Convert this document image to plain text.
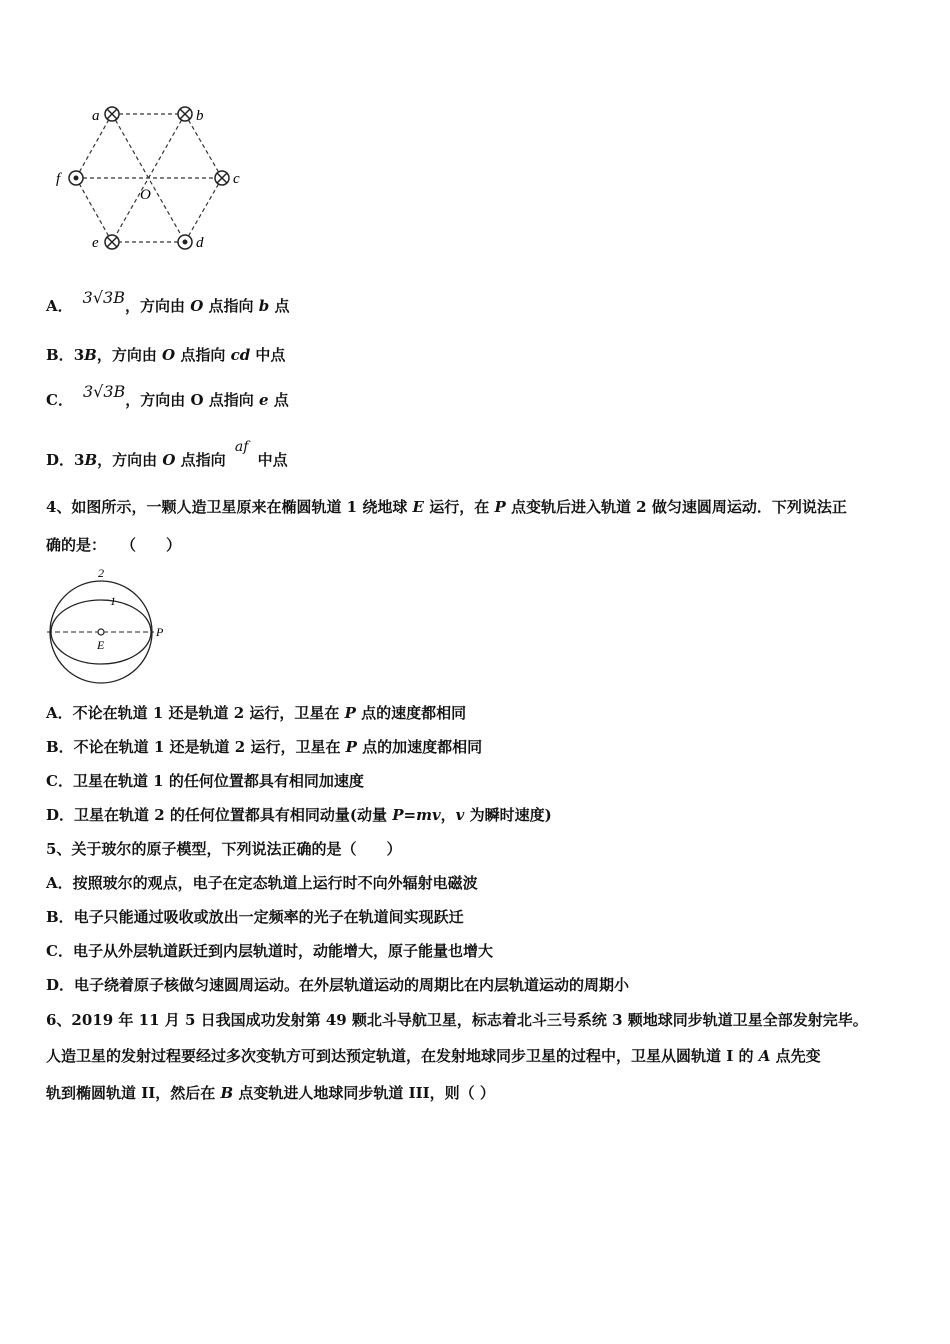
a	b
c
d
e
f
O
A． 3√3B，方向由 O 点指向 b 点
B．3B，方向由 O 点指向 cd 中点
C． 3√3B，方向由 O 点指向 e 点
D．3B，方向由 O 点指向 af 中点
4、如图所示，一颗人造卫星原来在椭圆轨道 1 绕地球 E 运行，在 P 点变轨后进入轨道 2 做匀速圆周运动．下列说法正
确的是：　　（　　）
2
1
P
E
A．不论在轨道 1 还是轨道 2 运行，卫星在 P 点的速度都相同
B．不论在轨道 1 还是轨道 2 运行，卫星在 P 点的加速度都相同
C．卫星在轨道 1 的任何位置都具有相同加速度
D．卫星在轨道 2 的任何位置都具有相同动量(动量 P=mv，v 为瞬时速度)
5、关于玻尔的原子模型，下列说法正确的是（　　）
A．按照玻尔的观点，电子在定态轨道上运行时不向外辐射电磁波
B．电子只能通过吸收或放出一定频率的光子在轨道间实现跃迁
C．电子从外层轨道跃迁到内层轨道时，动能增大，原子能量也增大
D．电子绕着原子核做匀速圆周运动。在外层轨道运动的周期比在内层轨道运动的周期小
6、2019 年 11 月 5 日我国成功发射第 49 颗北斗导航卫星，标志着北斗三号系统 3 颗地球同步轨道卫星全部发射完毕。
人造卫星的发射过程要经过多次变轨方可到达预定轨道，在发射地球同步卫星的过程中，卫星从圆轨道 I 的 A 点先变
轨到椭圆轨道 II，然后在 B 点变轨进人地球同步轨道 III，则（ ）
